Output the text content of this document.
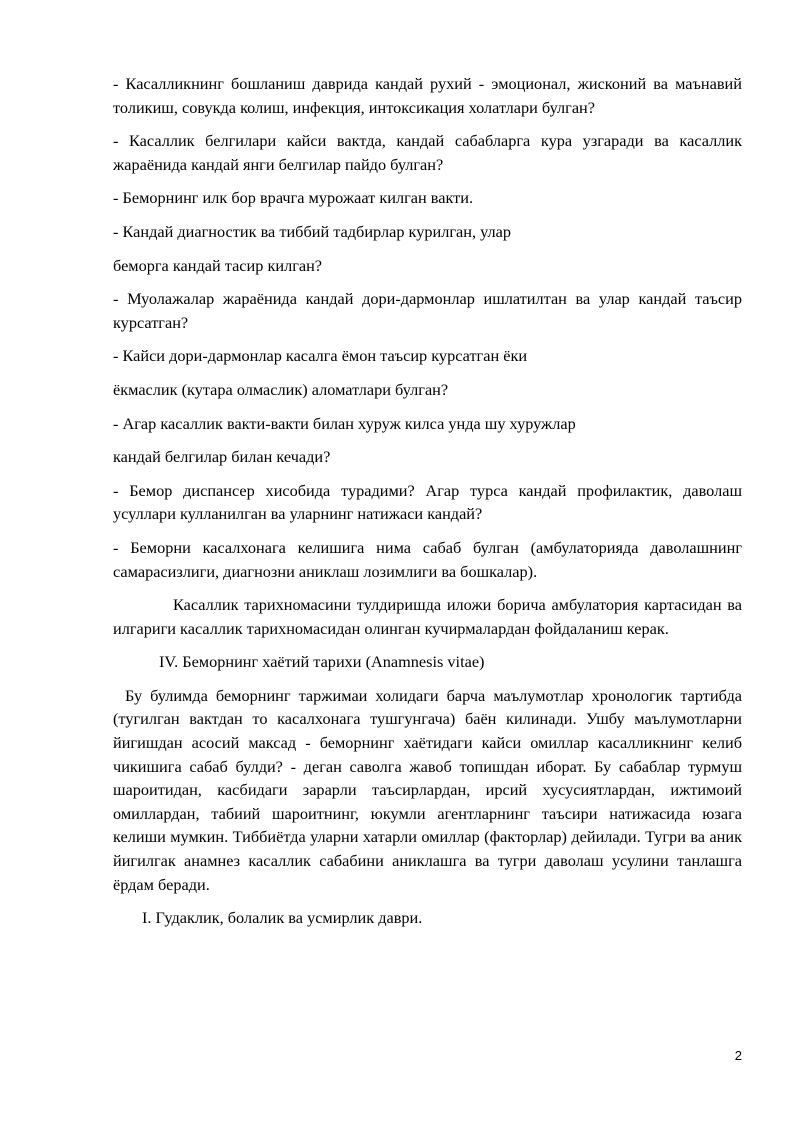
- Касалликнинг бошланиш даврида кандай рухий - эмоционал, жисконий ва маънавий толикиш, совукда колиш, инфекция, интоксикация холатлари булган?

- Касаллик белгилари кайси вактда, кандай сабабларга кура узгаради ва касаллик жараёнида кандай янги белгилар пайдо булган?

- Беморнинг илк бор врачга мурожаат килган вакти.

- Кандай диагностик ва тиббий тадбирлар курилган, улар

беморга кандай тасир килган?

- Муолажалар жараёнида кандай дори-дармонлар ишлатилтан ва улар кандай таъсир курсатган?

- Кайси дори-дармонлар касалга ёмон таъсир курсатган ёки

ёкмаслик (кутара олмаслик) аломатлари булган?

- Агар касаллик вакти-вакти билан хуруж килса унда шу хуружлар

кандай белгилар билан кечади?

- Бемор диспансер хисобида турадими? Агар турса кандай профилактик, даволаш усуллари кулланилган ва уларнинг натижаси кандай?

- Беморни касалхонага келишига нима сабаб булган (амбулаторияда даволашнинг самарасизлиги, диагнозни аниклаш лозимлиги ва бошкалар).

Касаллик тарихномасини тулдиришда иложи борича амбулатория картасидан ва илгариги касаллик тарихномасидан олинган кучирмалардан фойдаланиш керак.

IV. Беморнинг хаётий тарихи (Anamnesis vitae)

Бу булимда беморнинг таржимаи холидаги барча маълумотлар хронологик тартибда (тугилган вактдан то касалхонага тушгунгача) баён килинади. Ушбу маълумотларни йигишдан асосий максад - беморнинг хаётидаги кайси омиллар касалликнинг келиб чикишига сабаб булди? - деган саволга жавоб топишдан иборат. Бу сабаблар турмуш шароитидан, касбидаги зарарли таъсирлардан, ирсий хусусиятлардан, ижтимоий омиллардан, табиий шароитнинг, юкумли агентларнинг таъсири натижасида юзага келиши мумкин. Тиббиётда уларни хатарли омиллар (факторлар) дейилади. Тугри ва аник йигилгак анамнез касаллик сабабини аниклашга ва тугри даволаш усулини танлашга ёрдам беради.

I. Гудаклик, болалик ва усмирлик даври.

2
